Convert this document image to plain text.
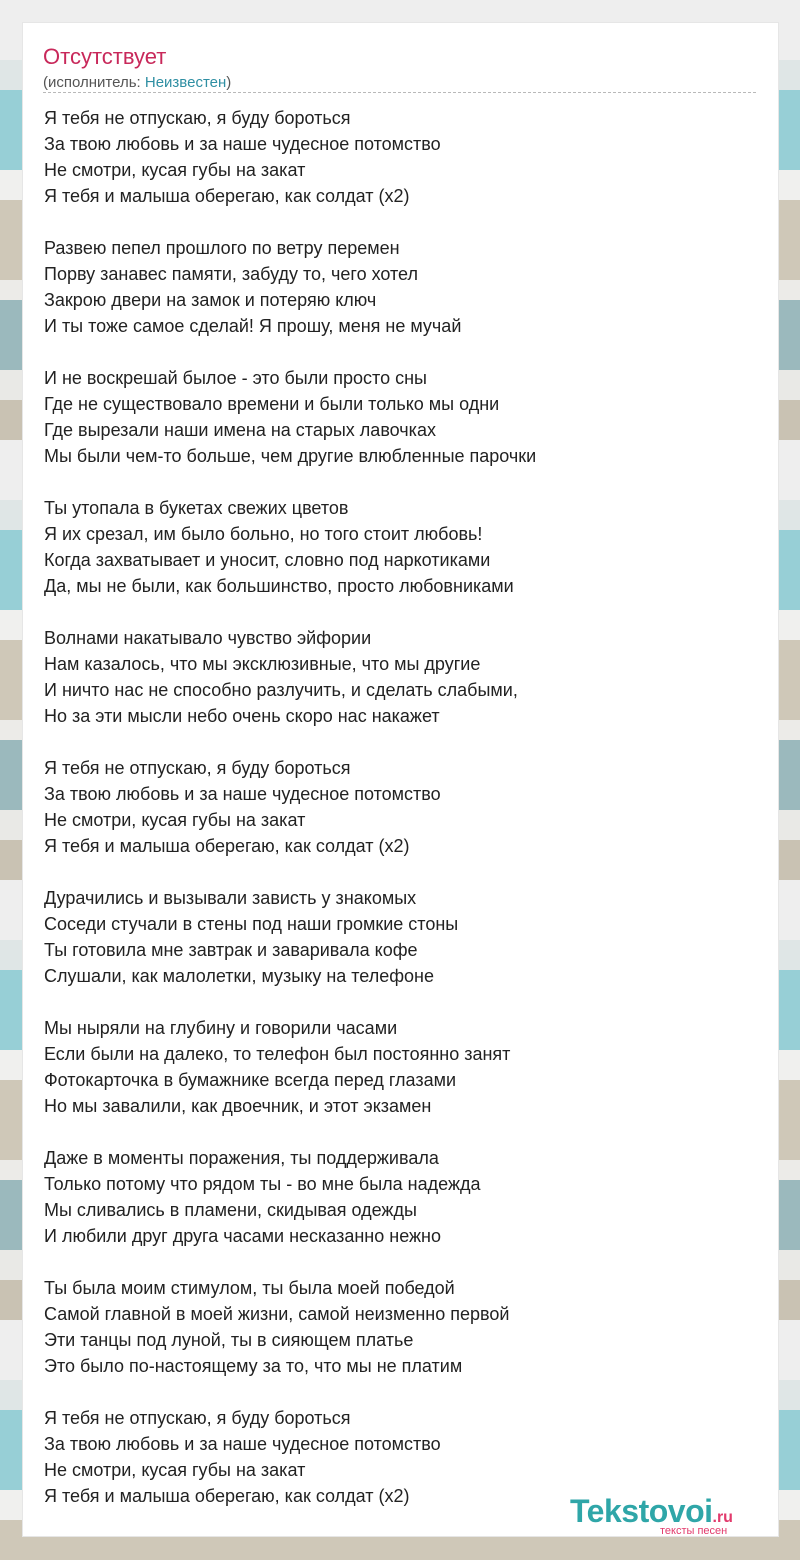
Отсутствует
(исполнитель: Неизвестен)
Я тебя не отпускаю, я буду бороться
За твою любовь и за наше чудесное потомство
Не смотри, кусая губы на закат
Я тебя и малыша оберегаю, как солдат (x2)
Развею пепел прошлого по ветру перемен
Порву занавес памяти, забуду то, чего хотел
Закрою двери на замок и потеряю ключ
И ты тоже самое сделай! Я прошу, меня не мучай
И не воскрешай былое - это были просто сны
Где не существовало времени и были только мы одни
Где вырезали наши имена на старых лавочках
Мы были чем-то больше, чем другие влюбленные парочки
Ты утопала в букетах свежих цветов
Я их срезал, им было больно, но того стоит любовь!
Когда захватывает и уносит, словно под наркотиками
Да, мы не были, как большинство, просто любовниками
Волнами накатывало чувство эйфории
Нам казалось, что мы эксклюзивные, что мы другие
И ничто нас не способно разлучить, и сделать слабыми,
Но за эти мысли небо очень скоро нас накажет
Я тебя не отпускаю, я буду бороться
За твою любовь и за наше чудесное потомство
Не смотри, кусая губы на закат
Я тебя и малыша оберегаю, как солдат (x2)
Дурачились и вызывали зависть у знакомых
Соседи стучали в стены под наши громкие стоны
Ты готовила мне завтрак и заваривала кофе
Слушали, как малолетки, музыку на телефоне
Мы ныряли на глубину и говорили часами
Если были на далеко, то телефон был постоянно занят
Фотокарточка в бумажнике всегда перед глазами
Но мы завалили, как двоечник, и этот экзамен
Даже в моменты поражения, ты поддерживала
Только потому что рядом ты - во мне была надежда
Мы сливались в пламени, скидывая одежды
И любили друг друга часами несказанно нежно
Ты была моим стимулом, ты была моей победой
Самой главной в моей жизни, самой неизменно первой
Эти танцы под луной, ты в сияющем платье
Это было по-настоящему за то, что мы не платим
Я тебя не отпускаю, я буду бороться
За твою любовь и за наше чудесное потомство
Не смотри, кусая губы на закат
Я тебя и малыша оберегаю, как солдат (x2)	Tekstovoi.ru
тексты песен
